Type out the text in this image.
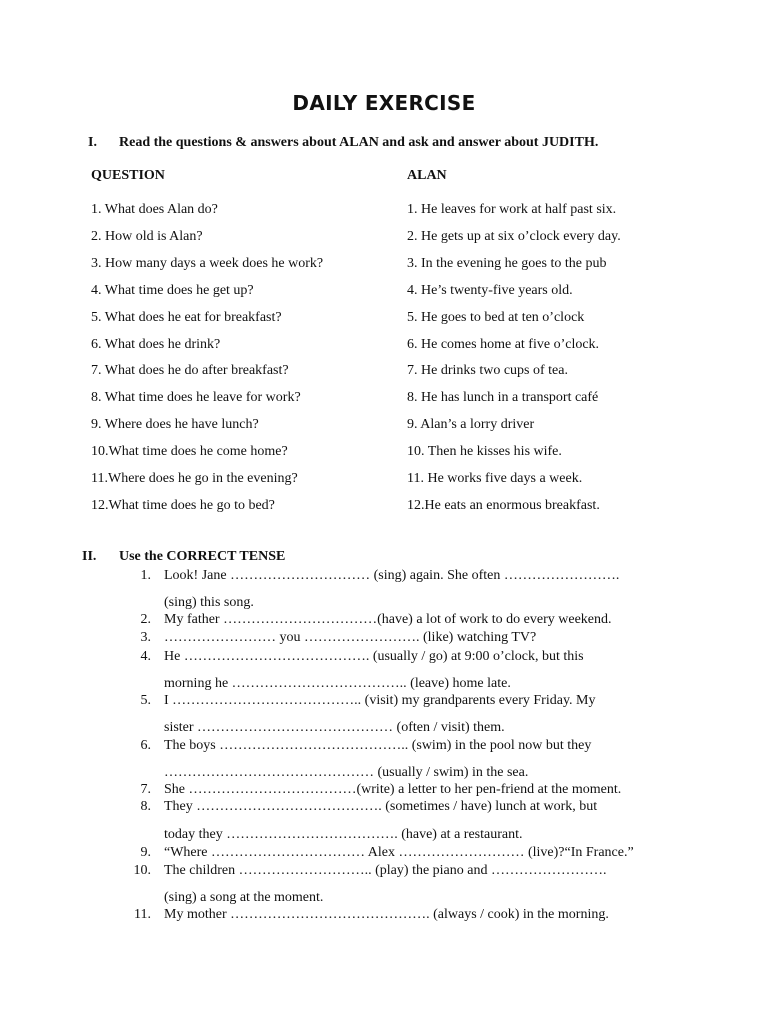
DAILY EXERCISE
I. Read the questions & answers about ALAN and ask and answer about JUDITH.
QUESTION	ALAN
1. What does Alan do?
2. How old is Alan?
3. How many days a week does he work?
4. What time does he get up?
5. What does he eat for breakfast?
6. What does he drink?
7. What does he do after breakfast?
8. What time does he leave for work?
9. Where does he have lunch?
10.What time does he come home?
11.Where does he go in the evening?
12.What time does he go to bed?
1. He leaves for work at half past six.
2. He gets up at six o’clock every day.
3. In the evening he goes to the pub
4. He’s twenty-five years old.
5. He goes to bed at ten o’clock
6. He comes home at five o’clock.
7. He drinks two cups of tea.
8. He has lunch in a transport café
9. Alan’s a lorry driver
10. Then he kisses his wife.
11. He works five days a week.
12.He eats an enormous breakfast.
II. Use the CORRECT TENSE
1. Look! Jane ………………………… (sing) again. She often …………………….
(sing) this song.
2. My father ……………………………(have) a lot of work to do every weekend.
3. …………………… you ……………………. (like) watching TV?
4. He …………………………………. (usually / go) at 9:00 o’clock, but this
morning he ……………………………….. (leave) home late.
5. I ………………………………….. (visit) my grandparents every Friday. My
sister …………………………………… (often / visit) them.
6. The boys ………………………………….. (swim) in the pool now but they
……………………………………… (usually / swim) in the sea.
7. She ………………………………(write) a letter to her pen-friend at the moment.
8. They …………………………………. (sometimes / have) lunch at work, but
today they ………………………………. (have) at a restaurant.
9. “Where …………………………… Alex ……………………… (live)?“In France.”
10. The children ……………………….. (play) the piano and …………………….
(sing) a song at the moment.
11. My mother ……………………………………. (always / cook) in the morning.
